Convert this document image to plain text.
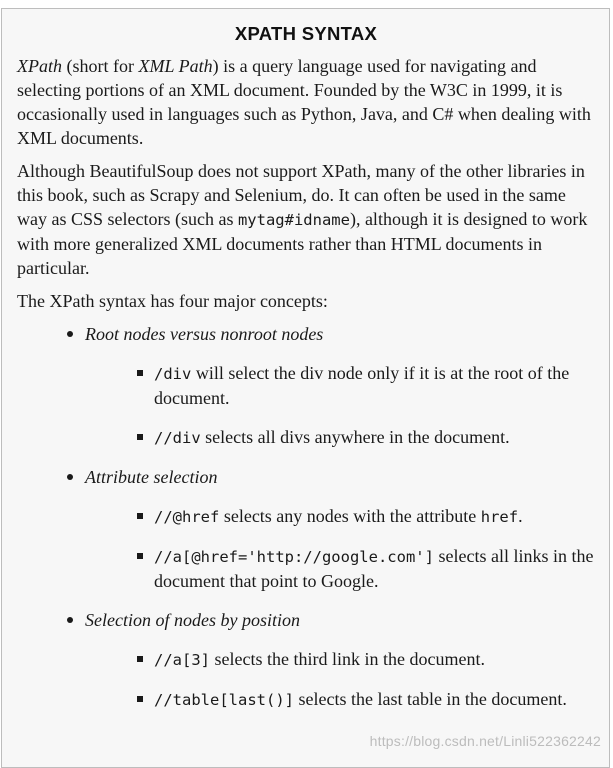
XPATH SYNTAX

XPath (short for XML Path) is a query language used for navigating and selecting portions of an XML document. Founded by the W3C in 1999, it is occasionally used in languages such as Python, Java, and C# when dealing with XML documents.

Although BeautifulSoup does not support XPath, many of the other libraries in this book, such as Scrapy and Selenium, do. It can often be used in the same way as CSS selectors (such as mytag#idname), although it is designed to work with more generalized XML documents rather than HTML documents in particular.

The XPath syntax has four major concepts:

Root nodes versus nonroot nodes
/div will select the div node only if it is at the root of the document.
//div selects all divs anywhere in the document.
Attribute selection
//@href selects any nodes with the attribute href.
//a[@href='http://google.com'] selects all links in the document that point to Google.
Selection of nodes by position
//a[3] selects the third link in the document.
//table[last()] selects the last table in the document.
https://blog.csdn.net/Linli522362242
